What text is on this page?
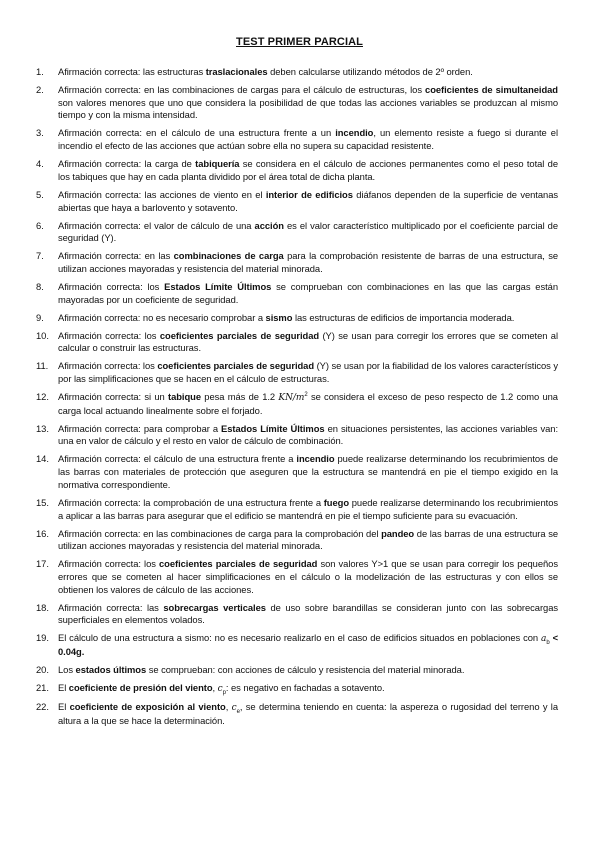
TEST PRIMER PARCIAL
1.	Afirmación correcta: las estructuras traslacionales deben calcularse utilizando métodos de 2º orden.
2.	Afirmación correcta: en las combinaciones de cargas para el cálculo de estructuras, los coeficientes de simultaneidad son valores menores que uno que considera la posibilidad de que todas las acciones variables se produzcan al mismo tiempo y con la misma intensidad.
3.	Afirmación correcta: en el cálculo de una estructura frente a un incendio, un elemento resiste a fuego si durante el incendio el efecto de las acciones que actúan sobre ella no supera su capacidad resistente.
4.	Afirmación correcta: la carga de tabiquería se considera en el cálculo de acciones permanentes como el peso total de los tabiques que hay en cada planta dividido por el área total de dicha planta.
5.	Afirmación correcta: las acciones de viento en el interior de edificios diáfanos dependen de la superficie de ventanas abiertas que haya a barlovento y sotavento.
6.	Afirmación correcta: el valor de cálculo de una acción es el valor característico multiplicado por el coeficiente parcial de seguridad (Y).
7.	Afirmación correcta: en las combinaciones de carga para la comprobación resistente de barras de una estructura, se utilizan acciones mayoradas y resistencia del material minorada.
8.	Afirmación correcta: los Estados Límite Últimos se comprueban con combinaciones en las que las cargas están mayoradas por un coeficiente de seguridad.
9.	Afirmación correcta: no es necesario comprobar a sismo las estructuras de edificios de importancia moderada.
10. Afirmación correcta: los coeficientes parciales de seguridad (Y) se usan para corregir los errores que se cometen al calcular o construir las estructuras.
11.	Afirmación correcta: los coeficientes parciales de seguridad (Y) se usan por la fiabilidad de los valores característicos y por las simplificaciones que se hacen en el cálculo de estructuras.
12. Afirmación correcta: si un tabique pesa más de 1.2 $KN/m^2$ se considera el exceso de peso respecto de 1.2 como una carga local actuando linealmente sobre el forjado.
13. Afirmación correcta: para comprobar a Estados Límite Últimos en situaciones persistentes, las acciones variables van: una en valor de cálculo y el resto en valor de cálculo de combinación.
14. Afirmación correcta: el cálculo de una estructura frente a incendio puede realizarse determinando los recubrimientos de las barras con materiales de protección que aseguren que la estructura se mantendrá en pie el tiempo exigido en la normativa correspondiente.
15. Afirmación correcta: la comprobación de una estructura frente a fuego puede realizarse determinando los recubrimientos a aplicar a las barras para asegurar que el edificio se mantendrá en pie el tiempo suficiente para su evacuación.
16. Afirmación correcta: en las combinaciones de carga para la comprobación del pandeo de las barras de una estructura se utilizan acciones mayoradas y resistencia del material minorada.
17. Afirmación correcta: los coeficientes parciales de seguridad son valores Y>1 que se usan para corregir los pequeños errores que se cometen al hacer simplificaciones en el cálculo o la modelización de las estructuras y con ellos se obtienen los valores de cálculo de las acciones.
18. Afirmación correcta: las sobrecargas verticales de uso sobre barandillas se consideran junto con las sobrecargas superficiales en elementos volados.
19. El cálculo de una estructura a sismo: no es necesario realizarlo en el caso de edificios situados en poblaciones con $a_b < 0.04g$.
20. Los estados últimos se comprueban: con acciones de cálculo y resistencia del material minorada.
21. El coeficiente de presión del viento, $c_p$: es negativo en fachadas a sotavento.
22. El coeficiente de exposición al viento, $c_e$, se determina teniendo en cuenta: la aspereza o rugosidad del terreno y la altura a la que se hace la determinación.
